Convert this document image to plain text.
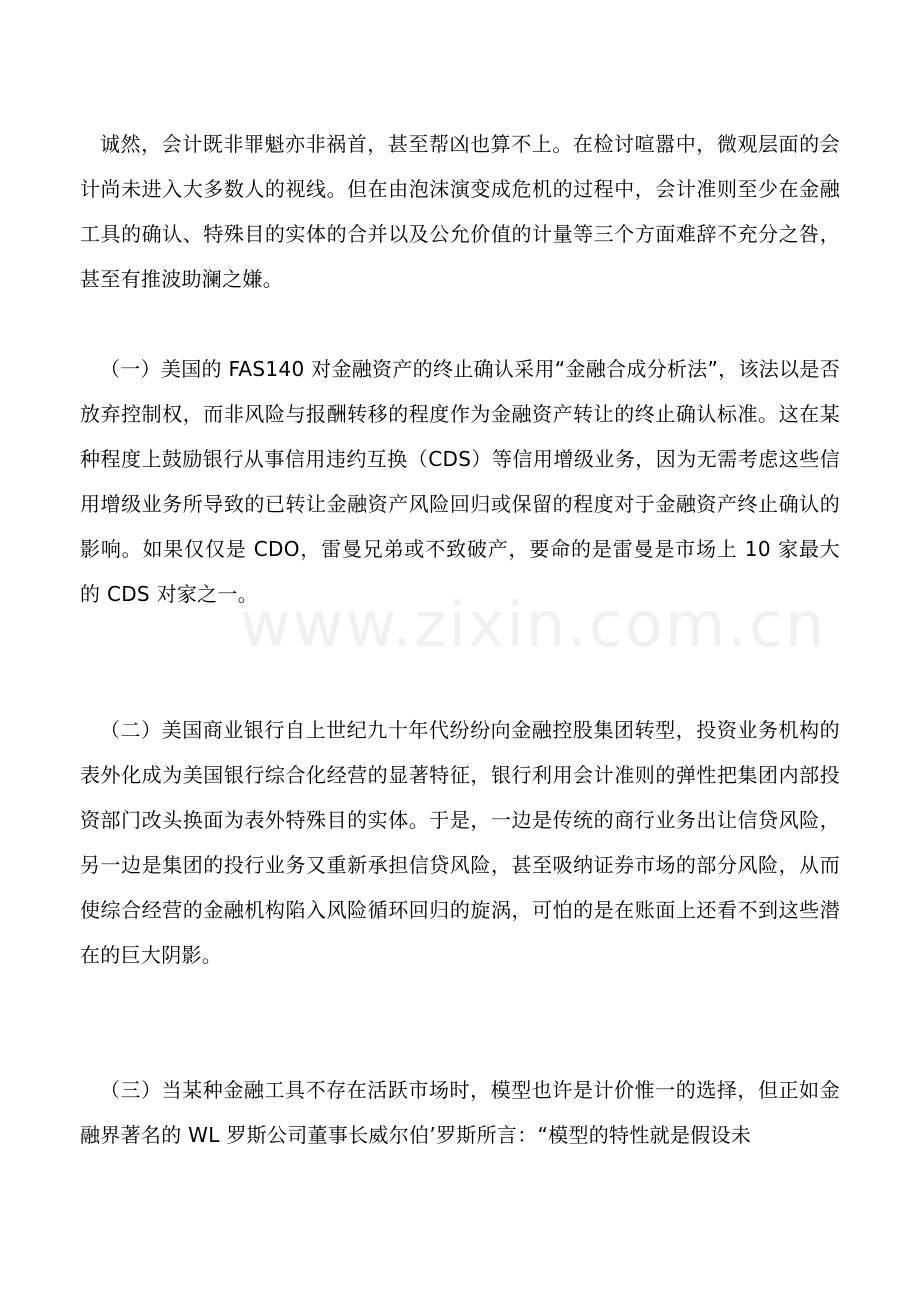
诚然，会计既非罪魁亦非祸首，甚至帮凶也算不上。在检讨喧嚣中，微观层面的会计尚未进入大多数人的视线。但在由泡沫演变成危机的过程中，会计准则至少在金融工具的确认、特殊目的实体的合并以及公允价值的计量等三个方面难辞不充分之咎，甚至有推波助澜之嫌。

（一）美国的 FAS140 对金融资产的终止确认采用“金融合成分析法”，该法以是否放弃控制权，而非风险与报酬转移的程度作为金融资产转让的终止确认标准。这在某种程度上鼓励银行从事信用违约互换（CDS）等信用增级业务，因为无需考虑这些信用增级业务所导致的已转让金融资产风险回归或保留的程度对于金融资产终止确认的影响。如果仅仅是 CDO，雷曼兄弟或不致破产，要命的是雷曼是市场上 10 家最大的 CDS 对家之一。

（二）美国商业银行自上世纪九十年代纷纷向金融控股集团转型，投资业务机构的表外化成为美国银行综合化经营的显著特征，银行利用会计准则的弹性把集团内部投资部门改头换面为表外特殊目的实体。于是，一边是传统的商行业务出让信贷风险，另一边是集团的投行业务又重新承担信贷风险，甚至吸纳证券市场的部分风险，从而使综合经营的金融机构陷入风险循环回归的旋涡，可怕的是在账面上还看不到这些潜在的巨大阴影。

（三）当某种金融工具不存在活跃市场时，模型也许是计价惟一的选择，但正如金融界著名的 WL 罗斯公司董事长威尔伯’罗斯所言：“模型的特性就是假设未

www.zixin.com.cn
